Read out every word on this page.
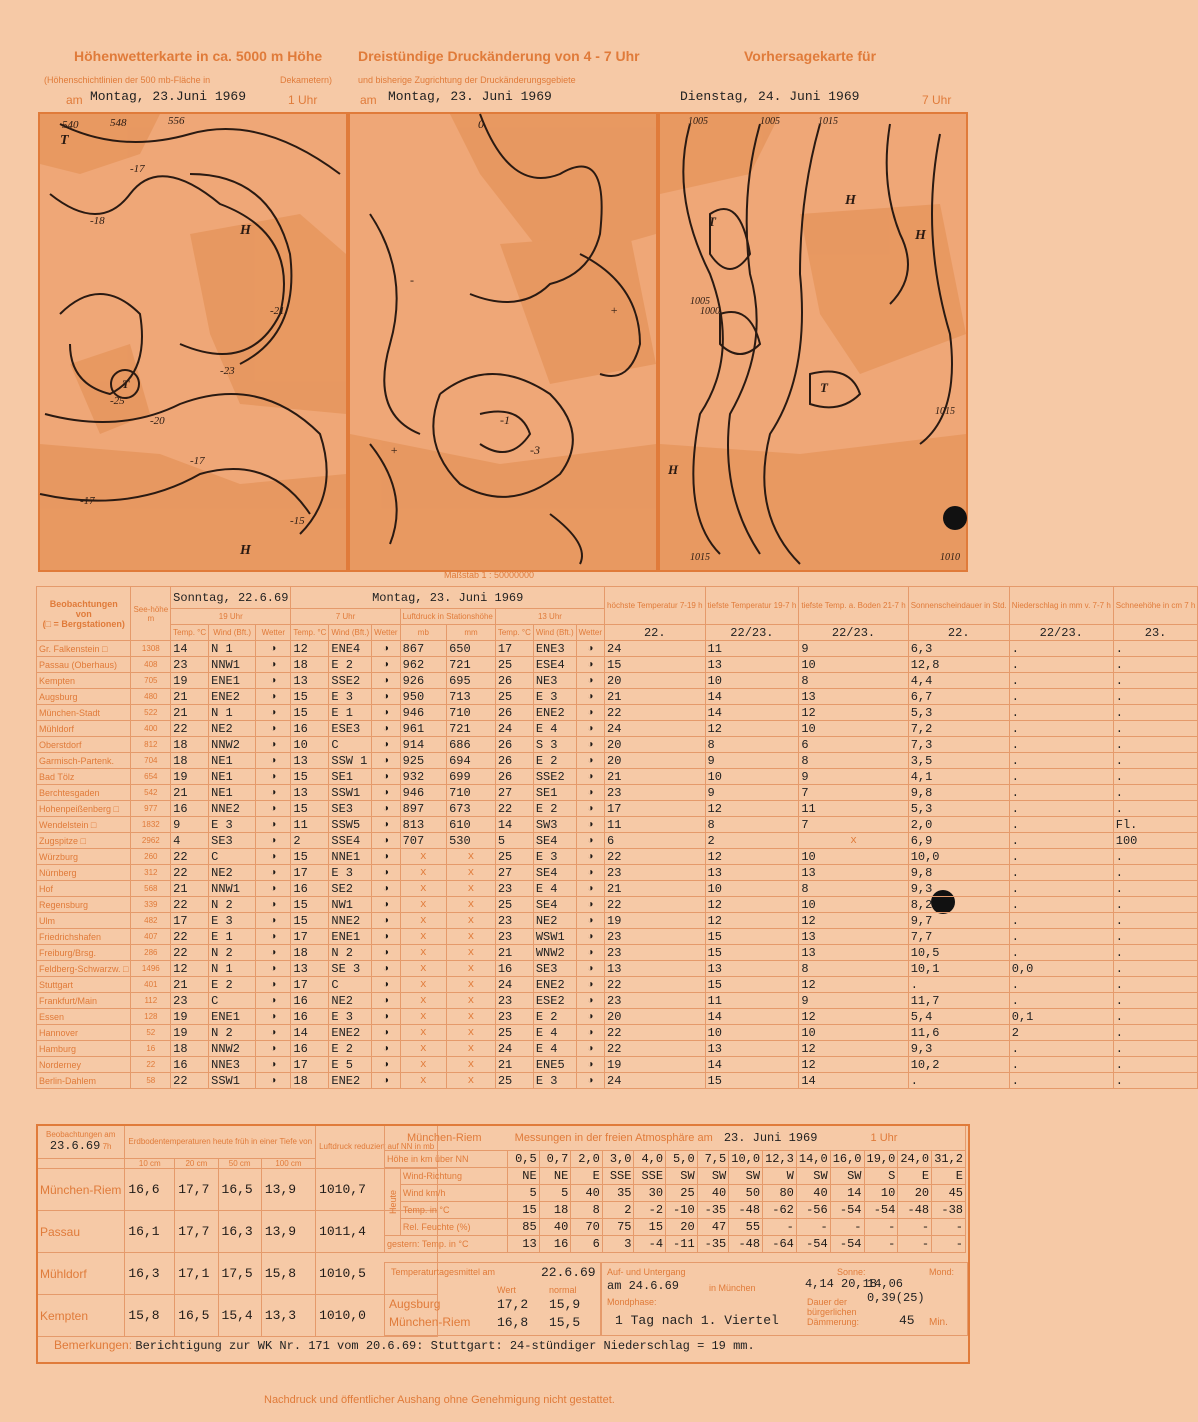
Höhenwetterkarte in ca. 5000 m Höhe
(Höhenschichtlinien der 500 mb-Fläche in	Dekametern)
am Montag, 23.Juni 1969	1 Uhr
Dreistündige Druckänderung von 4 - 7 Uhr
und bisherige Zugrichtung der Druckänderungsgebiete
am Montag, 23. Juni 1969
Vorhersagekarte für
Dienstag, 24. Juni 1969	7 Uhr
540	548	556
-17
-18
-21
-23
-25
-20
-17
-17
-15
H
T
T
H
0
-
-1
-3
+
+
1005	1005	1015
1005
1000
1015
1015	1010
H
H
T
T
H
Maßstab 1 : 50000000
Beobachtungen
von
(□ = Bergstationen)	See-höhe
m	Sonntag, 22.6.69			Montag, 23. Juni 1969								höchste Temperatur 7-19 h	tiefste Temperatur 19-7 h	tiefste Temp. a. Boden 21-7 h	Sonnenscheindauer in Std.	Niederschlag in mm v. 7-7 h	Schneehöhe in cm 7 h
		19 Uhr			7 Uhr			Luftdruck in Stationshöhe		13 Uhr								
		Temp. °C	Wind (Bft.)	Wetter	Temp. °C	Wind (Bft.)	Wetter	mb	mm	Temp. °C	Wind (Bft.)	Wetter	22.	22/23.	22/23.	22.	22/23.	23.
Gr. Falkenstein □	1308	14	N 1	◑	12	ENE4	◑	867	650	17	ENE3	◑	24	11	9	6,3	.	.
Passau (Oberhaus)	408	23	NNW1	◑	18	E 2	◑	962	721	25	ESE4	◑	15	13	10	12,8	.	.
Kempten	705	19	ENE1	◑	13	SSE2	◑	926	695	26	NE3	◑	20	10	8	4,4	.	.
Augsburg	480	21	ENE2	◑	15	E 3	◑	950	713	25	E 3	◑	21	14	13	6,7	.	.
München-Stadt	522	21	N 1	◑	15	E 1	◑	946	710	26	ENE2	◑	22	14	12	5,3	.	.
Mühldorf	400	22	NE2	◑	16	ESE3	◑	961	721	24	E 4	◑	24	12	10	7,2	.	.
Oberstdorf	812	18	NNW2	◑	10	C	◑	914	686	26	S 3	◑	20	8	6	7,3	.	.
Garmisch-Partenk.	704	18	NE1	◑	13	SSW 1	◑	925	694	26	E 2	◑	20	9	8	3,5	.	.
Bad Tölz	654	19	NE1	◑	15	SE1	◑	932	699	26	SSE2	◑	21	10	9	4,1	.	.
Berchtesgaden	542	21	NE1	◑	13	SSW1	◑	946	710	27	SE1	◑	23	9	7	9,8	.	.
Hohenpeißenberg □	977	16	NNE2	◑	15	SE3	◑	897	673	22	E 2	◑	17	12	11	5,3	.	.
Wendelstein □	1832	9	E 3	◑	11	SSW5	◑	813	610	14	SW3	◑	11	8	7	2,0	.	Fl.
Zugspitze □	2962	4	SE3	◑	2	SSE4	◑	707	530	5	SE4	◑	6	2	x	6,9	.	100
Würzburg	260	22	C	◑	15	NNE1	◑	x	x	25	E 3	◑	22	12	10	10,0	.	.
Nürnberg	312	22	NE2	◑	17	E 3	◑	x	x	27	SE4	◑	23	13	13	9,8	.	.
Hof	568	21	NNW1	◑	16	SE2	◑	x	x	23	E 4	◑	21	10	8	9,3	.	.
Regensburg	339	22	N 2	◑	15	NW1	◑	x	x	25	SE4	◑	22	12	10	8,2	.	.
Ulm	482	17	E 3	◑	15	NNE2	◑	x	x	23	NE2	◑	19	12	12	9,7	.	.
Friedrichshafen	407	22	E 1	◑	17	ENE1	◑	x	x	23	WSW1	◑	23	15	13	7,7	.	.
Freiburg/Brsg.	286	22	N 2	◑	18	N 2	◑	x	x	21	WNW2	◑	23	15	13	10,5	.	.
Feldberg-Schwarzw. □	1496	12	N 1	◑	13	SE 3	◑	x	x	16	SE3	◑	13	13	8	10,1	0,0	.
Stuttgart	401	21	E 2	◑	17	C	◑	x	x	24	ENE2	◑	22	15	12	.	.	.
Frankfurt/Main	112	23	C	◑	16	NE2	◑	x	x	23	ESE2	◑	23	11	9	11,7	.	.
Essen	128	19	ENE1	◑	16	E 3	◑	x	x	23	E 2	◑	20	14	12	5,4	0,1	.
Hannover	52	19	N 2	◑	14	ENE2	◑	x	x	25	E 4	◑	22	10	10	11,6	2	.
Hamburg	16	18	NNW2	◑	16	E 2	◑	x	x	24	E 4	◑	22	13	12	9,3	.	.
Norderney	22	16	NNE3	◑	17	E 5	◑	x	x	21	ENE5	◑	19	14	12	10,2	.	.
Berlin-Dahlem	58	22	SSW1	◑	18	ENE2	◑	x	x	25	E 3	◑	24	15	14	.	.	.
Beobachtungen am
23.6.69 7h	Erdbodentemperaturen heute früh in einer Tiefe von				Luftdruck reduziert auf NN in mb
	10 cm	20 cm	50 cm	100 cm	
München-Riem	16,6	17,7	16,5	13,9	1010,7
Passau	16,1	17,7	16,3	13,9	1011,4
Mühldorf	16,3	17,1	17,5	15,8	1010,5
Kempten	15,8	16,5	15,4	13,3	1010,0
München-Riem Messungen in der freien Atmosphäre am 23. Juni 1969 1 Uhr															
Höhe in km über NN		0,5	0,7	2,0	3,0	4,0	5,0	7,5	10,0	12,3	14,0	16,0	19,0	24,0	31,2
Heute	Wind-Richtung	NE	NE	E	SSE	SSE	SW	SW	SW	W	SW	SW	S	E	E
	Wind km/h	5	5	40	35	30	25	40	50	80	40	14	10	20	45
	Temp. in °C	15	18	8	2	-2	-10	-35	-48	-62	-56	-54	-54	-48	-38
	Rel. Feuchte (%)	85	40	70	75	15	20	47	55	-	-	-	-	-	-
gestern: Temp. in °C		13	16	6	3	-4	-11	-35	-48	-64	-54	-54	-	-	-
Temperaturtagesmittel am	22.6.69
Wert	normal
Augsburg	17,2 15,9
München-Riem 16,8 15,5
Auf- und Untergang
am 24.6.69	in München
Sonne:
4,14 20,18
Mond:
14,06 0,39(25)
Mondphase:
1 Tag nach 1. Viertel
Dauer der bürgerlichen Dämmerung:	45 Min.
Bemerkungen: Berichtigung zur WK Nr. 171 vom 20.6.69: Stuttgart: 24-stündiger Niederschlag = 19 mm.
Nachdruck und öffentlicher Aushang ohne Genehmigung nicht gestattet.
